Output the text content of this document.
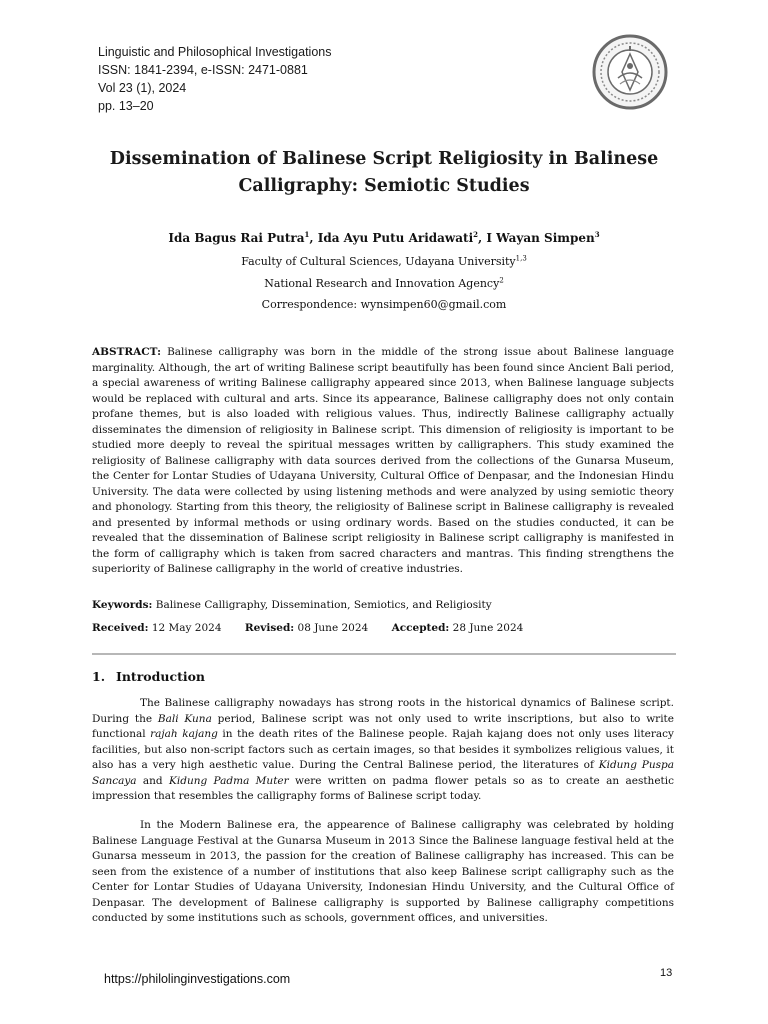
Linguistic and Philosophical Investigations
ISSN: 1841-2394, e-ISSN: 2471-0881
Vol 23 (1), 2024
pp. 13–20
Dissemination of Balinese Script Religiosity in Balinese
Calligraphy: Semiotic Studies
Ida Bagus Rai Putra$^1$, Ida Ayu Putu Aridawati$^2$, I Wayan Simpen$^3$
Faculty of Cultural Sciences, Udayana University$^{1,3}$
National Research and Innovation Agency$^2$
Correspondence: wynsimpen60@gmail.com
ABSTRACT: Balinese calligraphy was born in the middle of the strong issue about Balinese language marginality. Although, the art of writing Balinese script beautifully has been found since Ancient Bali period, a special awareness of writing Balinese calligraphy appeared since 2013, when Balinese language subjects would be replaced with cultural and arts. Since its appearance, Balinese calligraphy does not only contain profane themes, but is also loaded with religious values. Thus, indirectly Balinese calligraphy actually disseminates the dimension of religiosity in Balinese script. This dimension of religiosity is important to be studied more deeply to reveal the spiritual messages written by calligraphers. This study examined the religiosity of Balinese calligraphy with data sources derived from the collections of the Gunarsa Museum, the Center for Lontar Studies of Udayana University, Cultural Office of Denpasar, and the Indonesian Hindu University. The data were collected by using listening methods and were analyzed by using semiotic theory and phonology. Starting from this theory, the religiosity of Balinese script in Balinese calligraphy is revealed and presented by informal methods or using ordinary words. Based on the studies conducted, it can be revealed that the dissemination of Balinese script religiosity in Balinese script calligraphy is manifested in the form of calligraphy which is taken from sacred characters and mantras. This finding strengthens the superiority of Balinese calligraphy in the world of creative industries.
Keywords: Balinese Calligraphy, Dissemination, Semiotics, and Religiosity
Received: 12 May 2024 Revised: 08 June 2024 Accepted: 28 June 2024
1. Introduction
The Balinese calligraphy nowadays has strong roots in the historical dynamics of Balinese script. During the Bali Kuna period, Balinese script was not only used to write inscriptions, but also to write functional rajah kajang in the death rites of the Balinese people. Rajah kajang does not only uses literacy facilities, but also non-script factors such as certain images, so that besides it symbolizes religious values, it also has a very high aesthetic value. During the Central Balinese period, the literatures of Kidung Puspa Sancaya and Kidung Padma Muter were written on padma flower petals so as to create an aesthetic impression that resembles the calligraphy forms of Balinese script today.
In the Modern Balinese era, the appearence of Balinese calligraphy was celebrated by holding Balinese Language Festival at the Gunarsa Museum in 2013 Since the Balinese language festival held at the Gunarsa messeum in 2013, the passion for the creation of Balinese calligraphy has increased. This can be seen from the existence of a number of institutions that also keep Balinese script calligraphy such as the Center for Lontar Studies of Udayana University, Indonesian Hindu University, and the Cultural Office of Denpasar. The development of Balinese calligraphy is supported by Balinese calligraphy competitions conducted by some institutions such as schools, government offices, and universities.
https://philolinginvestigations.com	13
